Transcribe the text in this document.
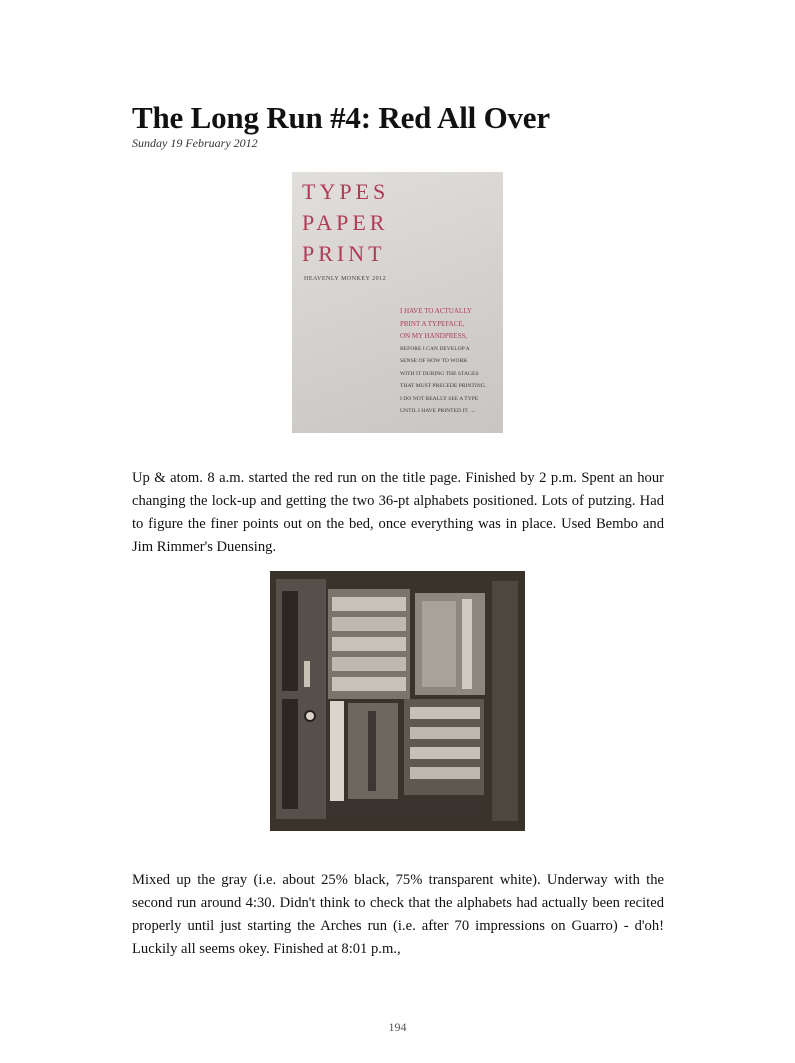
The Long Run #4: Red All Over
Sunday 19 February 2012
TYPES
PAPER
PRINT
HEAVENLY MONKEY 2012
I HAVE TO ACTUALLY
PRINT A TYPEFACE,
ON MY HANDPRESS,
BEFORE I CAN DEVELOP A
SENSE OF HOW TO WORK
WITH IT DURING THE STAGES
THAT MUST PRECEDE PRINTING.
I DO NOT REALLY SEE A TYPE
UNTIL I HAVE PRINTED IT. →

Up & atom. 8 a.m. started the red run on the title page. Finished by 2 p.m. Spent an hour changing the lock-up and getting the two 36-pt alphabets positioned. Lots of putzing. Had to figure the finer points out on the bed, once everything was in place. Used Bembo and Jim Rimmer's Duensing.

Mixed up the gray (i.e. about 25% black, 75% transparent white). Underway with the second run around 4:30. Didn't think to check that the alphabets had actually been recited properly until just starting the Arches run (i.e. after 70 impressions on Guarro) - d'oh! Luckily all seems okey. Finished at 8:01 p.m.,

194
